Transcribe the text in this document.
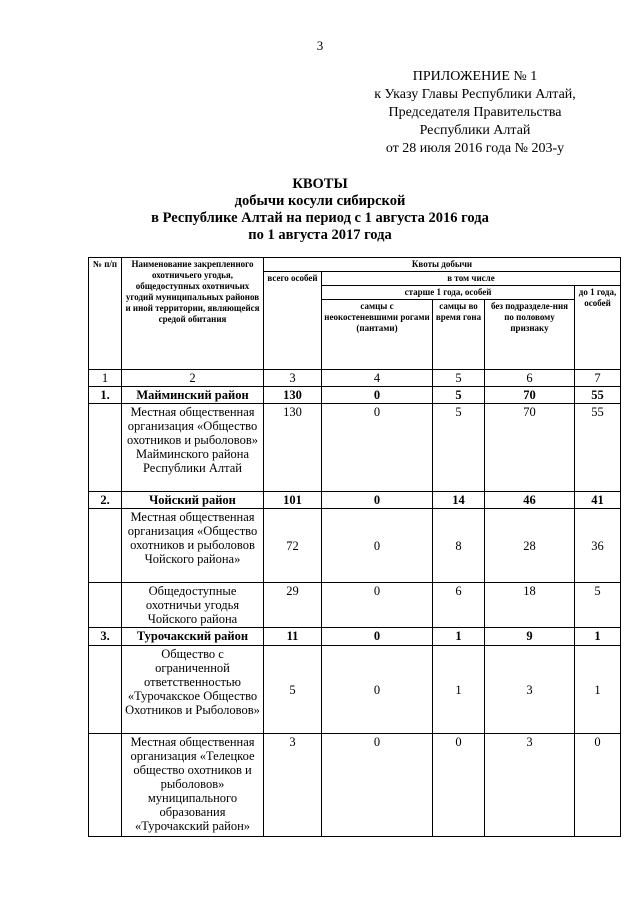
3
ПРИЛОЖЕНИЕ № 1
к Указу Главы Республики Алтай,
Председателя Правительства
Республики Алтай
от 28 июля 2016 года № 203-у
КВОТЫ
добычи косули сибирской
в Республике Алтай на период с 1 августа 2016 года
по 1 августа 2017 года
№ п/п	Наименование закрепленного охотничьего угодья, общедоступных охотничьих угодий муниципальных районов и иной территории, являющейся средой обитания	Квоты добычи				
		всего особей	в том числе			
			старше 1 года, особей			до 1 года, особей
			самцы с неокостеневшими рогами (пантами)	самцы во время гона	без подразделе-ния по половому признаку	
1	2	3	4	5	6	7
1.	Майминский район	130	0	5	70	55
	Местная общественная организация «Общество охотников и рыболовов» Майминского района Республики Алтай	130	0	5	70	55
2.	Чойский район	101	0	14	46	41
	Местная общественная организация «Общество охотников и рыболовов Чойского района»	72	0	8	28	36
	Общедоступные охотничьи угодья Чойского района	29	0	6	18	5
3.	Турочакский район	11	0	1	9	1
	Общество с ограниченной ответственностью «Турочакское Общество Охотников и Рыболовов»	5	0	1	3	1
	Местная общественная организация «Телецкое общество охотников и рыболовов» муниципального образования «Турочакский район»	3	0	0	3	0
